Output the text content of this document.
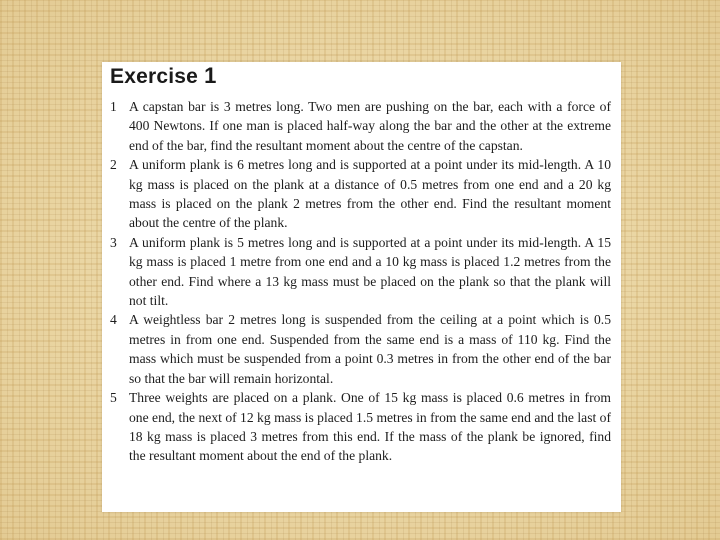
Exercise 1
1 A capstan bar is 3 metres long. Two men are pushing on the bar, each with a force of 400 Newtons. If one man is placed half-way along the bar and the other at the extreme end of the bar, find the resultant moment about the centre of the capstan.
2 A uniform plank is 6 metres long and is supported at a point under its mid-length. A 10 kg mass is placed on the plank at a distance of 0.5 metres from one end and a 20 kg mass is placed on the plank 2 metres from the other end. Find the resultant moment about the centre of the plank.
3 A uniform plank is 5 metres long and is supported at a point under its mid-length. A 15 kg mass is placed 1 metre from one end and a 10 kg mass is placed 1.2 metres from the other end. Find where a 13 kg mass must be placed on the plank so that the plank will not tilt.
4 A weightless bar 2 metres long is suspended from the ceiling at a point which is 0.5 metres in from one end. Suspended from the same end is a mass of 110 kg. Find the mass which must be suspended from a point 0.3 metres in from the other end of the bar so that the bar will remain horizontal.
5 Three weights are placed on a plank. One of 15 kg mass is placed 0.6 metres in from one end, the next of 12 kg mass is placed 1.5 metres in from the same end and the last of 18 kg mass is placed 3 metres from this end. If the mass of the plank be ignored, find the resultant moment about the end of the plank.
